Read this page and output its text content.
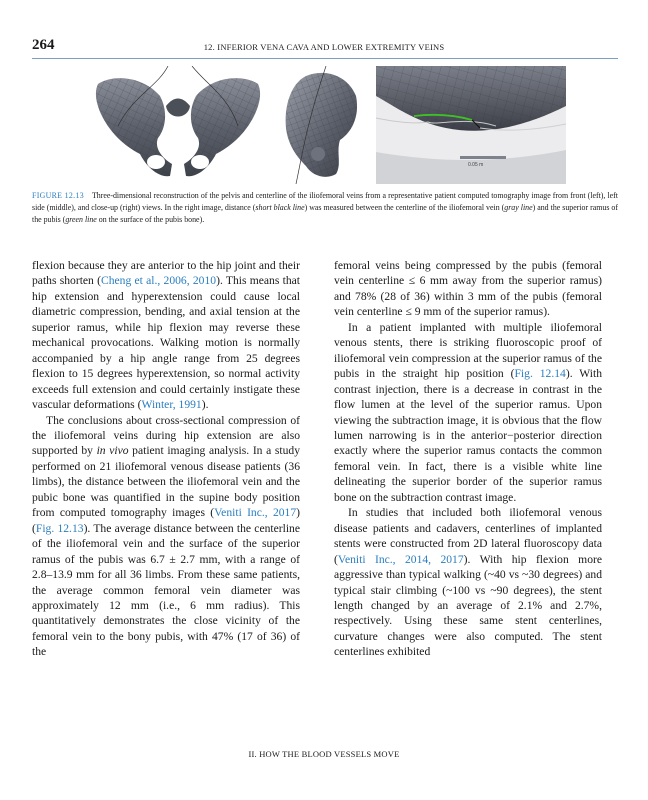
264	12. INFERIOR VENA CAVA AND LOWER EXTREMITY VEINS
0.05 m
FIGURE 12.13 Three-dimensional reconstruction of the pelvis and centerline of the iliofemoral veins from a representative patient computed tomography image from front (left), left side (middle), and close-up (right) views. In the right image, distance (short black line) was measured between the centerline of the iliofemoral vein (gray line) and the superior ramus of the pubis (green line on the surface of the pubis bone).

flexion because they are anterior to the hip joint and their paths shorten (Cheng et al., 2006, 2010). This means that hip extension and hyperextension could cause local diametric compression, bending, and axial tension at the superior ramus, while hip flexion may reverse these mechanical provocations. Walking motion is normally accompanied by a hip angle range from 25 degrees flexion to 15 degrees hyperextension, so normal activity exceeds full extension and could certainly instigate these vascular deformations (Winter, 1991).

The conclusions about cross-sectional compression of the iliofemoral veins during hip extension are also supported by in vivo patient imaging analysis. In a study performed on 21 iliofemoral venous disease patients (36 limbs), the distance between the iliofemoral vein and the pubic bone was quantified in the supine body position from computed tomography images (Veniti Inc., 2017) (Fig. 12.13). The average distance between the centerline of the iliofemoral vein and the surface of the superior ramus of the pubis was 6.7 ± 2.7 mm, with a range of 2.8–13.9 mm for all 36 limbs. From these same patients, the average common femoral vein diameter was approximately 12 mm (i.e., 6 mm radius). This quantitatively demonstrates the close vicinity of the femoral vein to the bony pubis, with 47% (17 of 36) of the

femoral veins being compressed by the pubis (femoral vein centerline ≤ 6 mm away from the superior ramus) and 78% (28 of 36) within 3 mm of the pubis (femoral vein centerline ≤ 9 mm of the superior ramus).

In a patient implanted with multiple iliofemoral venous stents, there is striking fluoroscopic proof of iliofemoral vein compression at the superior ramus of the pubis in the straight hip position (Fig. 12.14). With contrast injection, there is a decrease in contrast in the flow lumen at the level of the superior ramus. Upon viewing the subtraction image, it is obvious that the flow lumen narrowing is in the anterior−posterior direction exactly where the superior ramus contacts the common femoral vein. In fact, there is a visible white line delineating the superior border of the superior ramus bone on the subtraction contrast image.

In studies that included both iliofemoral venous disease patients and cadavers, centerlines of implanted stents were constructed from 2D lateral fluoroscopy data (Veniti Inc., 2014, 2017). With hip flexion more aggressive than typical walking (~40 vs ~30 degrees) and typical stair climbing (~100 vs ~90 degrees), the stent length changed by an average of 2.1% and 2.7%, respectively. Using these same stent centerlines, curvature changes were also computed. The stent centerlines exhibited

II. HOW THE BLOOD VESSELS MOVE
